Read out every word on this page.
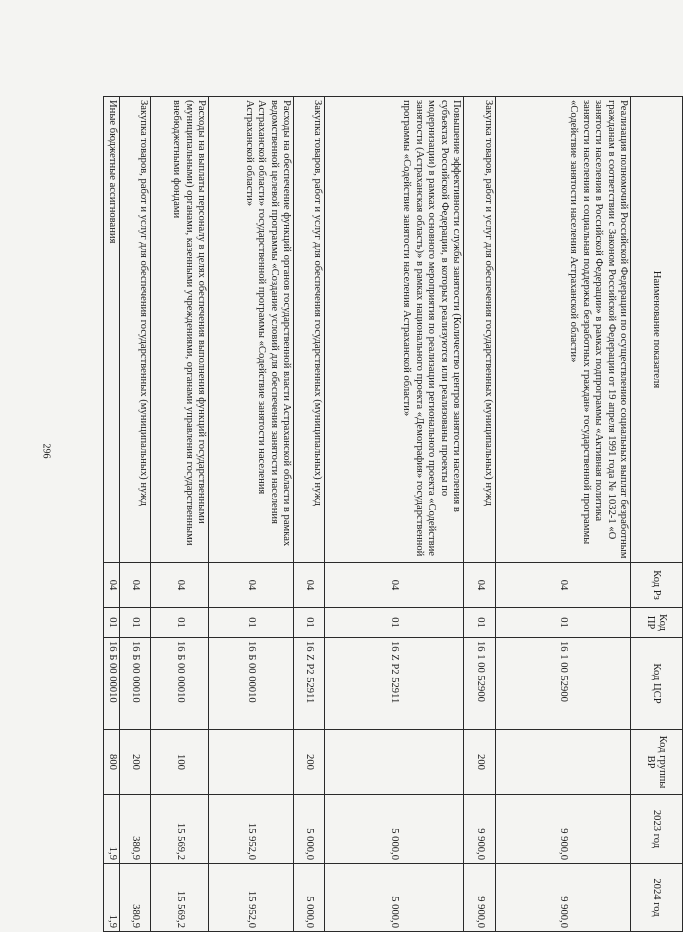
296
Наименование показателя	Код Рз	Код ПР	Код ЦСР	Код группы ВР	2023 год	2024 год
Реализация полномочий Российской Федерации по осуществлению социальных выплат безработным гражданам в соответствии с Законом Российской Федерации от 19 апреля 1991 года № 1032-1 «О занятости населения в Российской Федерации» в рамках подпрограммы «Активная политика занятости населения и социальная поддержка безработных граждан» государственной программы «Содействие занятости населения Астраханской области»	04	01	16 1 00 52900		9 900,0	9 900,0
Закупка товаров, работ и услуг для обеспечения государственных (муниципальных) нужд	04	01	16 1 00 52900	200	9 900,0	9 900,0
Повышение эффективности службы занятости (Количество центров занятости населения в субъектах Российской Федерации, в которых реализуются или реализованы проекты по модернизации) в рамках основного мероприятия по реализации регионального проекта «Содействие занятости (Астраханская область)» в рамках национального проекта «Демография» государственной программы «Содействие занятости населения Астраханской области»	04	01	16 Z P2 52911		5 000,0	5 000,0
Закупка товаров, работ и услуг для обеспечения государственных (муниципальных) нужд	04	01	16 Z P2 52911	200	5 000,0	5 000,0
Расходы на обеспечение функций органов государственной власти Астраханской области в рамках ведомственной целевой программы «Создание условий для обеспечения занятости населения Астраханской области» государственной программы «Содействие занятости населения Астраханской области»	04	01	16 Б 00 00010		15 952,0	15 952,0
Расходы на выплаты персоналу в целях обеспечения выполнения функций государственными (муниципальными) органами, казенными учреждениями, органами управления государственными внебюджетными фондами	04	01	16 Б 00 00010	100	15 569,2	15 569,2
Закупка товаров, работ и услуг для обеспечения государственных (муниципальных) нужд	04	01	16 Б 00 00010	200	380,9	380,9
Иные бюджетные ассигнования	04	01	16 Б 00 00010	800	1,9	1,9
